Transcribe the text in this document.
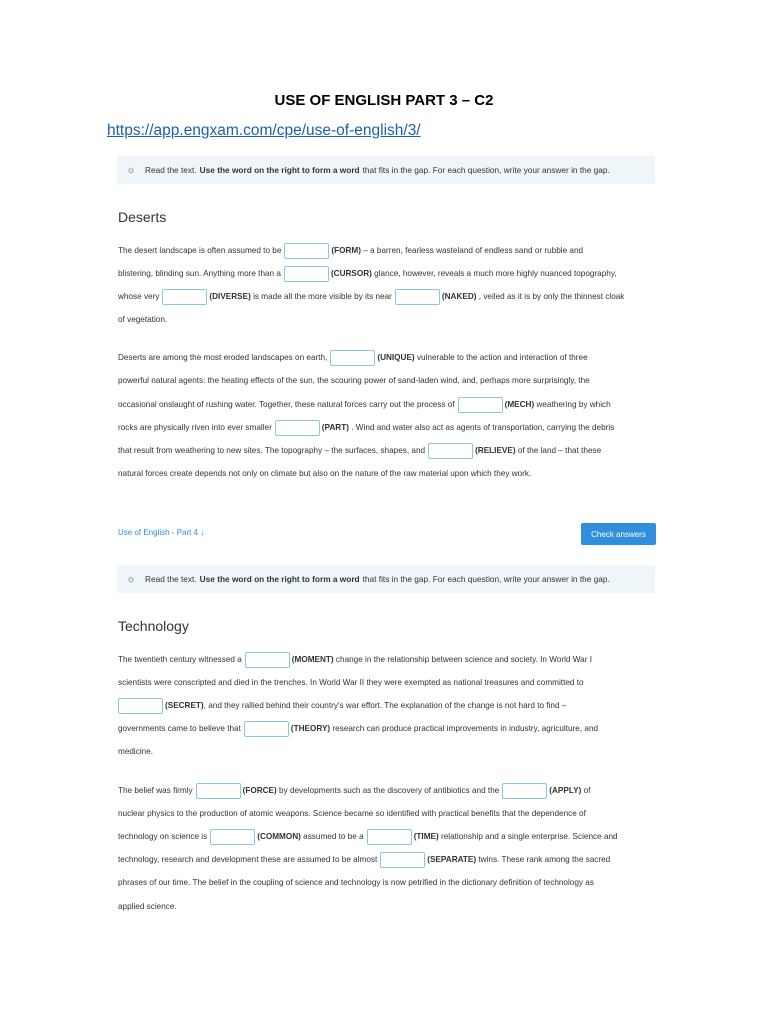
USE OF ENGLISH PART 3 – C2
https://app.engxam.com/cpe/use-of-english/3/
☼ Read the text. Use the word on the right to form a word that fits in the gap. For each question, write your answer in the gap.
Deserts
The desert landscape is often assumed to be	(FORM) – a barren, fearless wasteland of endless sand or rubble and
blistering, blinding sun. Anything more than a	(CURSOR) glance, however, reveals a much more highly nuanced topography,
whose very	(DIVERSE) is made all the more visible by its near	(NAKED) , veiled as it is by only the thinnest cloak
of vegetation.
Deserts are among the most eroded landscapes on earth,	(UNIQUE) vulnerable to the action and interaction of three
powerful natural agents: the heating effects of the sun, the scouring power of sand-laden wind, and, perhaps more surprisingly, the
occasional onslaught of rushing water. Together, these natural forces carry out the process of	(MECH) weathering by which
rocks are physically riven into ever smaller	(PART) . Wind and water also act as agents of transportation, carrying the debris
that result from weathering to new sites. The topography – the surfaces, shapes, and	(RELIEVE) of the land – that these
natural forces create depends not only on climate but also on the nature of the raw material upon which they work.
Use of English - Part 4 ↓	Check answers
☼ Read the text. Use the word on the right to form a word that fits in the gap. For each question, write your answer in the gap.
Technology
The twentieth century witnessed a	(MOMENT) change in the relationship between science and society. In World War I
scientists were conscripted and died in the trenches. In World War II they were exempted as national treasures and committed to
(SECRET), and they rallied behind their country's war effort. The explanation of the change is not hard to find –
governments came to believe that	(THEORY) research can produce practical improvements in industry, agriculture, and
medicine.
The belief was firmly	(FORCE) by developments such as the discovery of antibiotics and the	(APPLY) of
nuclear physics to the production of atomic weapons. Science became so identified with practical benefits that the dependence of
technology on science is	(COMMON) assumed to be a	(TIME) relationship and a single enterprise. Science and
technology, research and development these are assumed to be almost	(SEPARATE) twins. These rank among the sacred
phrases of our time. The belief in the coupling of science and technology is now petrified in the dictionary definition of technology as
applied science.
